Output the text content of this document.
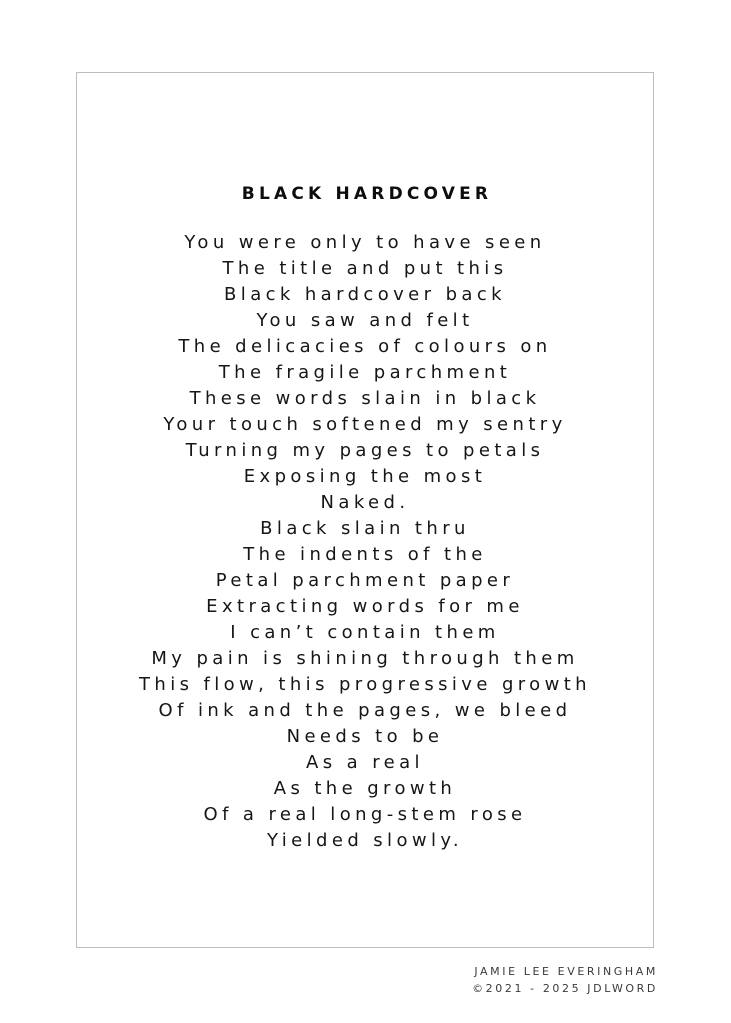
BLACK HARDCOVER
You were only to have seen
The title and put this
Black hardcover back
You saw and felt
The delicacies of colours on
The fragile parchment
These words slain in black
Your touch softened my sentry
Turning my pages to petals
Exposing the most
Naked.
Black slain thru
The indents of the
Petal parchment paper
Extracting words for me
I can’t contain them
My pain is shining through them
This flow, this progressive growth
Of ink and the pages, we bleed
Needs to be
As a real
As the growth
Of a real long-stem rose
Yielded slowly.
JAMIE LEE EVERINGHAM
©2021 - 2025 JDLWORD
